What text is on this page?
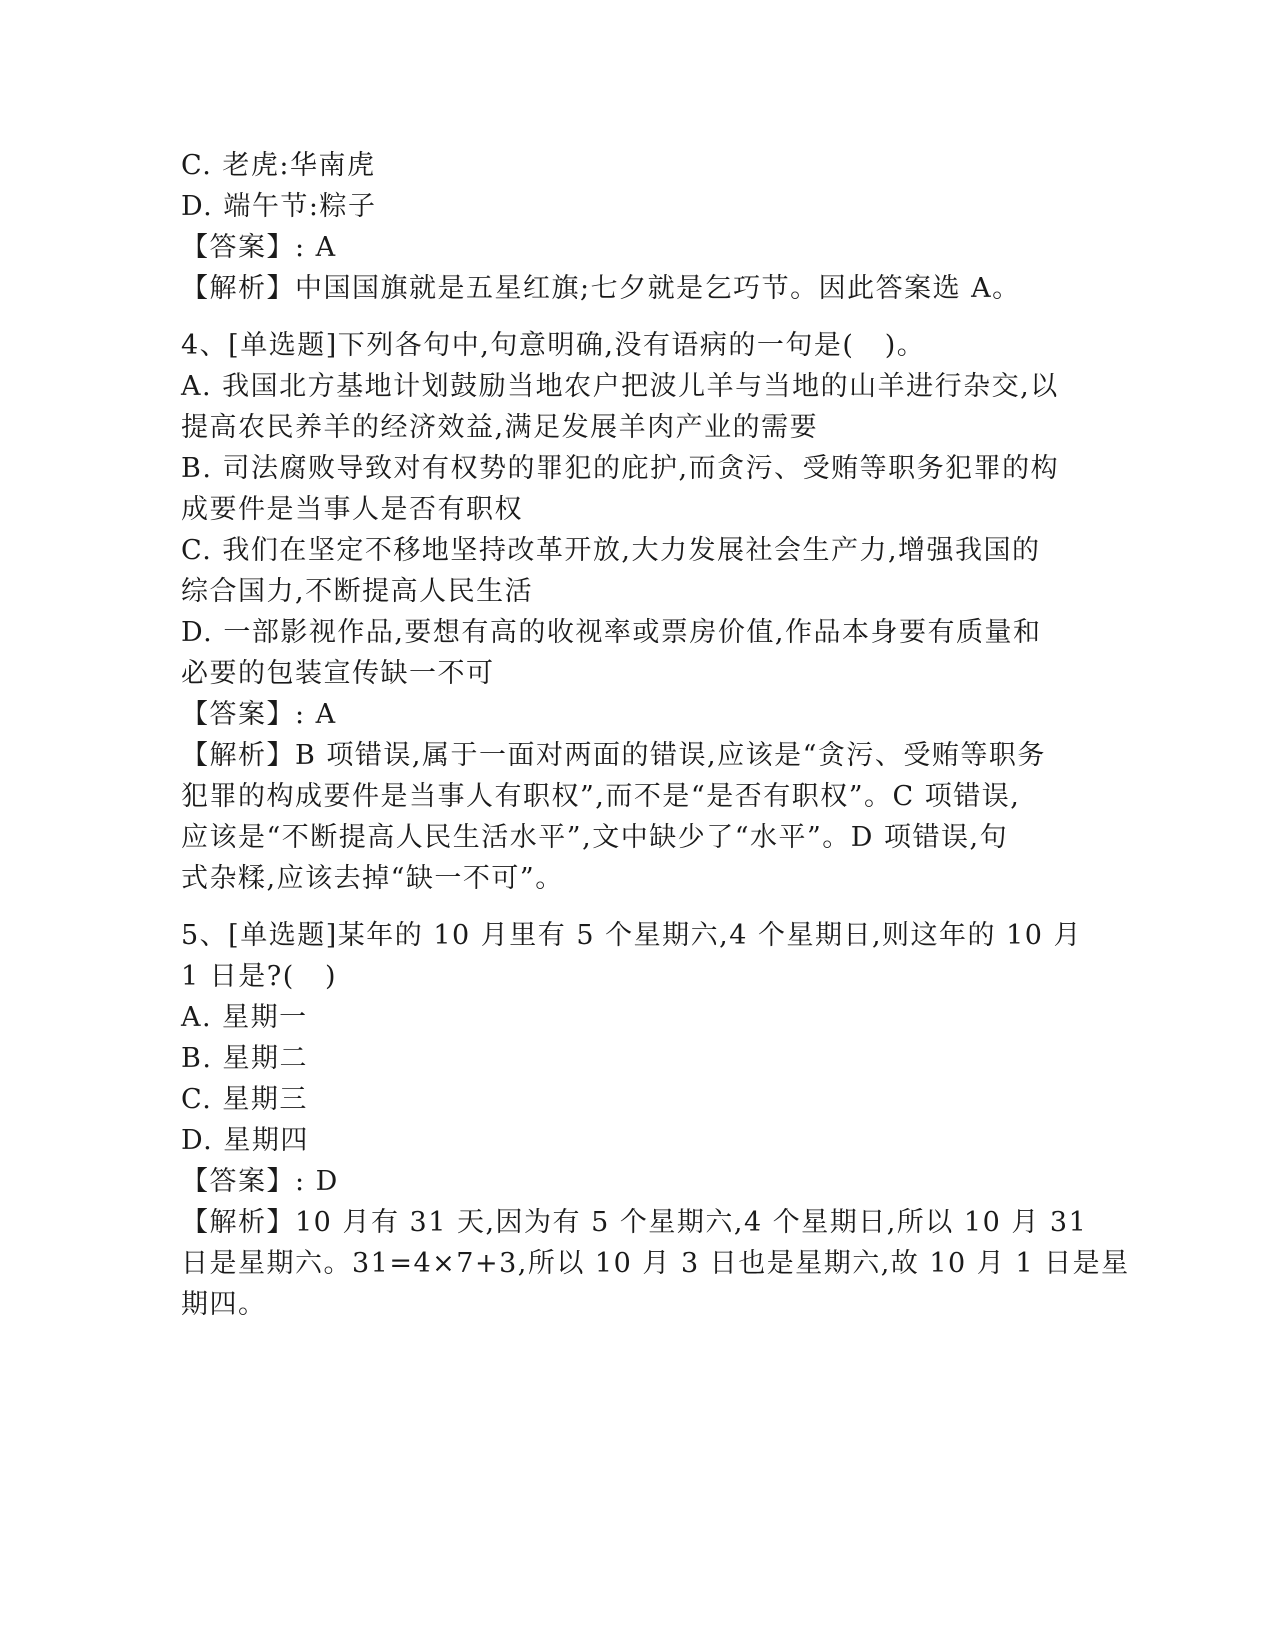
C. 老虎:华南虎
D. 端午节:粽子
【答案】: A
【解析】中国国旗就是五星红旗;七夕就是乞巧节。因此答案选 A。
4、[单选题]下列各句中,句意明确,没有语病的一句是(   )。
A. 我国北方基地计划鼓励当地农户把波儿羊与当地的山羊进行杂交,以
提高农民养羊的经济效益,满足发展羊肉产业的需要
B. 司法腐败导致对有权势的罪犯的庇护,而贪污、受贿等职务犯罪的构
成要件是当事人是否有职权
C. 我们在坚定不移地坚持改革开放,大力发展社会生产力,增强我国的
综合国力,不断提高人民生活
D. 一部影视作品,要想有高的收视率或票房价值,作品本身要有质量和
必要的包装宣传缺一不可
【答案】: A
【解析】B 项错误,属于一面对两面的错误,应该是“贪污、受贿等职务
犯罪的构成要件是当事人有职权”,而不是“是否有职权”。C 项错误,
应该是“不断提高人民生活水平”,文中缺少了“水平”。D 项错误,句
式杂糅,应该去掉“缺一不可”。
5、[单选题]某年的 10 月里有 5 个星期六,4 个星期日,则这年的 10 月
1 日是?(   )
A. 星期一
B. 星期二
C. 星期三
D. 星期四
【答案】: D
【解析】10 月有 31 天,因为有 5 个星期六,4 个星期日,所以 10 月 31
日是星期六。31=4×7+3,所以 10 月 3 日也是星期六,故 10 月 1 日是星
期四。
